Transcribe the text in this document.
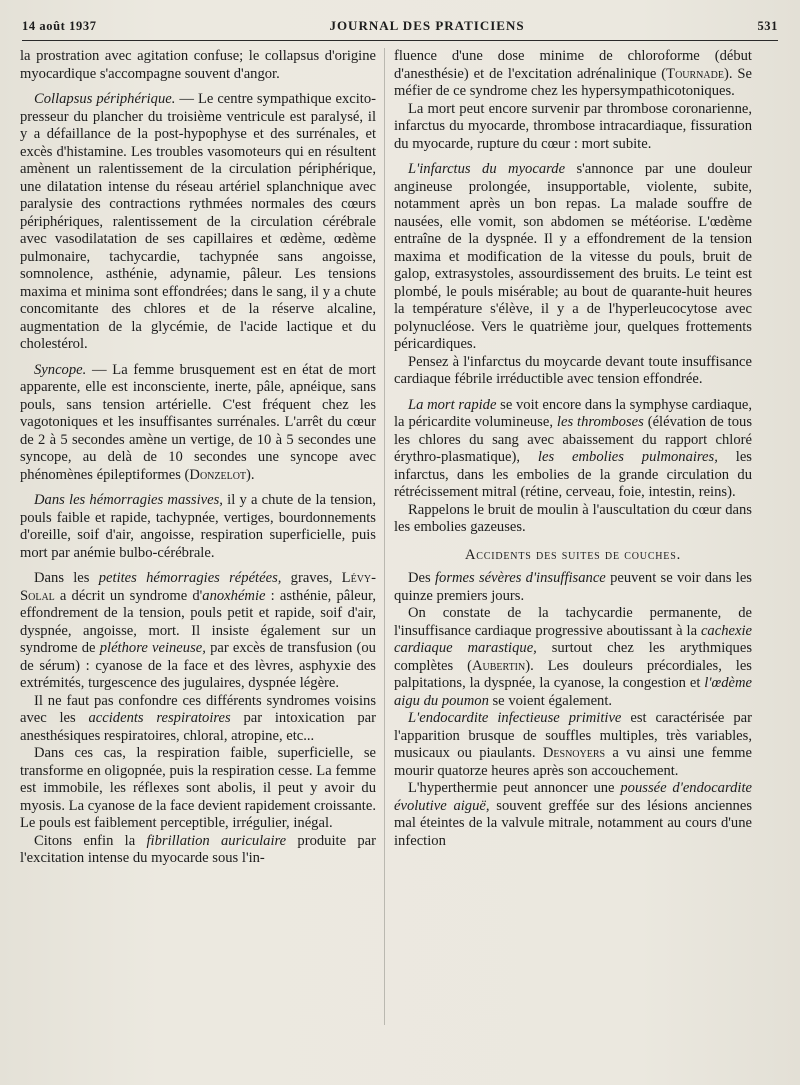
14 août 1937	JOURNAL DES PRATICIENS	531

la prostration avec agitation confuse; le collapsus d'origine myocardique s'accompagne souvent d'angor.

Collapsus périphérique. — Le centre sympathique excito-presseur du plancher du troisième ventricule est paralysé, il y a défaillance de la post-hypophyse et des surrénales, et excès d'histamine. Les troubles vasomoteurs qui en résultent amènent un ralentissement de la circulation périphérique, une dilatation intense du réseau artériel splanchnique avec paralysie des contractions rythmées normales des cœurs périphériques, ralentissement de la circulation cérébrale avec vasodilatation de ses capillaires et œdème, œdème pulmonaire, tachycardie, tachypnée sans angoisse, somnolence, asthénie, adynamie, pâleur. Les tensions maxima et minima sont effondrées; dans le sang, il y a chute concomitante des chlores et de la réserve alcaline, augmentation de la glycémie, de l'acide lactique et du cholestérol.

Syncope. — La femme brusquement est en état de mort apparente, elle est inconsciente, inerte, pâle, apnéique, sans pouls, sans tension artérielle. C'est fréquent chez les vagotoniques et les insuffisantes surrénales. L'arrêt du cœur de 2 à 5 secondes amène un vertige, de 10 à 5 secondes une syncope, au delà de 10 secondes une syncope avec phénomènes épileptiformes (Donzelot).

Dans les hémorragies massives, il y a chute de la tension, pouls faible et rapide, tachypnée, vertiges, bourdonnements d'oreille, soif d'air, angoisse, respiration superficielle, puis mort par anémie bulbo-cérébrale.

Dans les petites hémorragies répétées, graves, Lévy-Solal a décrit un syndrome d'anoxhémie : asthénie, pâleur, effondrement de la tension, pouls petit et rapide, soif d'air, dyspnée, angoisse, mort. Il insiste également sur un syndrome de pléthore veineuse, par excès de transfusion (ou de sérum) : cyanose de la face et des lèvres, asphyxie des extrémités, turgescence des jugulaires, dyspnée légère.

Il ne faut pas confondre ces différents syndromes voisins avec les accidents respiratoires par intoxication par anesthésiques respiratoires, chloral, atropine, etc...

Dans ces cas, la respiration faible, superficielle, se transforme en oligopnée, puis la respiration cesse. La femme est immobile, les réflexes sont abolis, il peut y avoir du myosis. La cyanose de la face devient rapidement croissante. Le pouls est faiblement perceptible, irrégulier, inégal.

Citons enfin la fibrillation auriculaire produite par l'excitation intense du myocarde sous l'in-

fluence d'une dose minime de chloroforme (début d'anesthésie) et de l'excitation adrénalinique (Tournade). Se méfier de ce syndrome chez les hypersympathicotoniques.

La mort peut encore survenir par thrombose coronarienne, infarctus du myocarde, thrombose intracardiaque, fissuration du myocarde, rupture du cœur : mort subite.

L'infarctus du myocarde s'annonce par une douleur angineuse prolongée, insupportable, violente, subite, notamment après un bon repas. La malade souffre de nausées, elle vomit, son abdomen se météorise. L'œdème entraîne de la dyspnée. Il y a effondrement de la tension maxima et modification de la vitesse du pouls, bruit de galop, extrasystoles, assourdissement des bruits. Le teint est plombé, le pouls misérable; au bout de quarante-huit heures la température s'élève, il y a de l'hyperleucocytose avec polynucléose. Vers le quatrième jour, quelques frottements péricardiques.

Pensez à l'infarctus du moycarde devant toute insuffisance cardiaque fébrile irréductible avec tension effondrée.

La mort rapide se voit encore dans la symphyse cardiaque, la péricardite volumineuse, les thromboses (élévation de tous les chlores du sang avec abaissement du rapport chloré érythro-plasmatique), les embolies pulmonaires, les infarctus, dans les embolies de la grande circulation du rétrécissement mitral (rétine, cerveau, foie, intestin, reins).

Rappelons le bruit de moulin à l'auscultation du cœur dans les embolies gazeuses.

Accidents des suites de couches.

Des formes sévères d'insuffisance peuvent se voir dans les quinze premiers jours.

On constate de la tachycardie permanente, de l'insuffisance cardiaque progressive aboutissant à la cachexie cardiaque marastique, surtout chez les arythmiques complètes (Aubertin). Les douleurs précordiales, les palpitations, la dyspnée, la cyanose, la congestion et l'œdème aigu du poumon se voient également.

L'endocardite infectieuse primitive est caractérisée par l'apparition brusque de souffles multiples, très variables, musicaux ou piaulants. Desnoyers a vu ainsi une femme mourir quatorze heures après son accouchement.

L'hyperthermie peut annoncer une poussée d'endocardite évolutive aiguë, souvent greffée sur des lésions anciennes mal éteintes de la valvule mitrale, notamment au cours d'une infection
